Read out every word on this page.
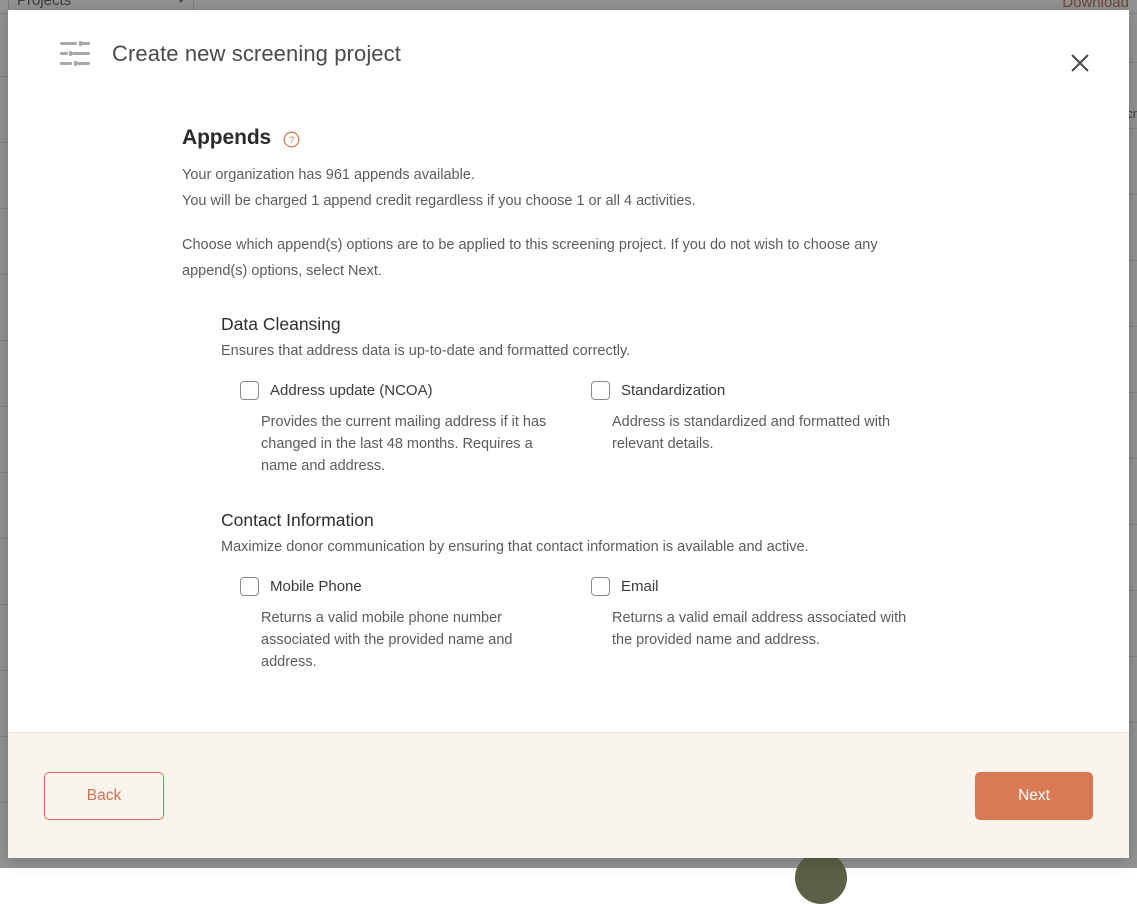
Create new screening project
Appends ?

Your organization has 961 appends available.

You will be charged 1 append credit regardless if you choose 1 or all 4 activities.

Choose which append(s) options are to be applied to this screening project. If you do not wish to choose any append(s) options, select Next.

Data Cleansing

Ensures that address data is up-to-date and formatted correctly.

Address update (NCOA)

Provides the current mailing address if it has changed in the last 48 months. Requires a name and address.

Standardization

Address is standardized and formatted with relevant details.

Contact Information

Maximize donor communication by ensuring that contact information is available and active.

Mobile Phone

Returns a valid mobile phone number associated with the provided name and address.

Email

Returns a valid email address associated with the provided name and address.

Back	Next
